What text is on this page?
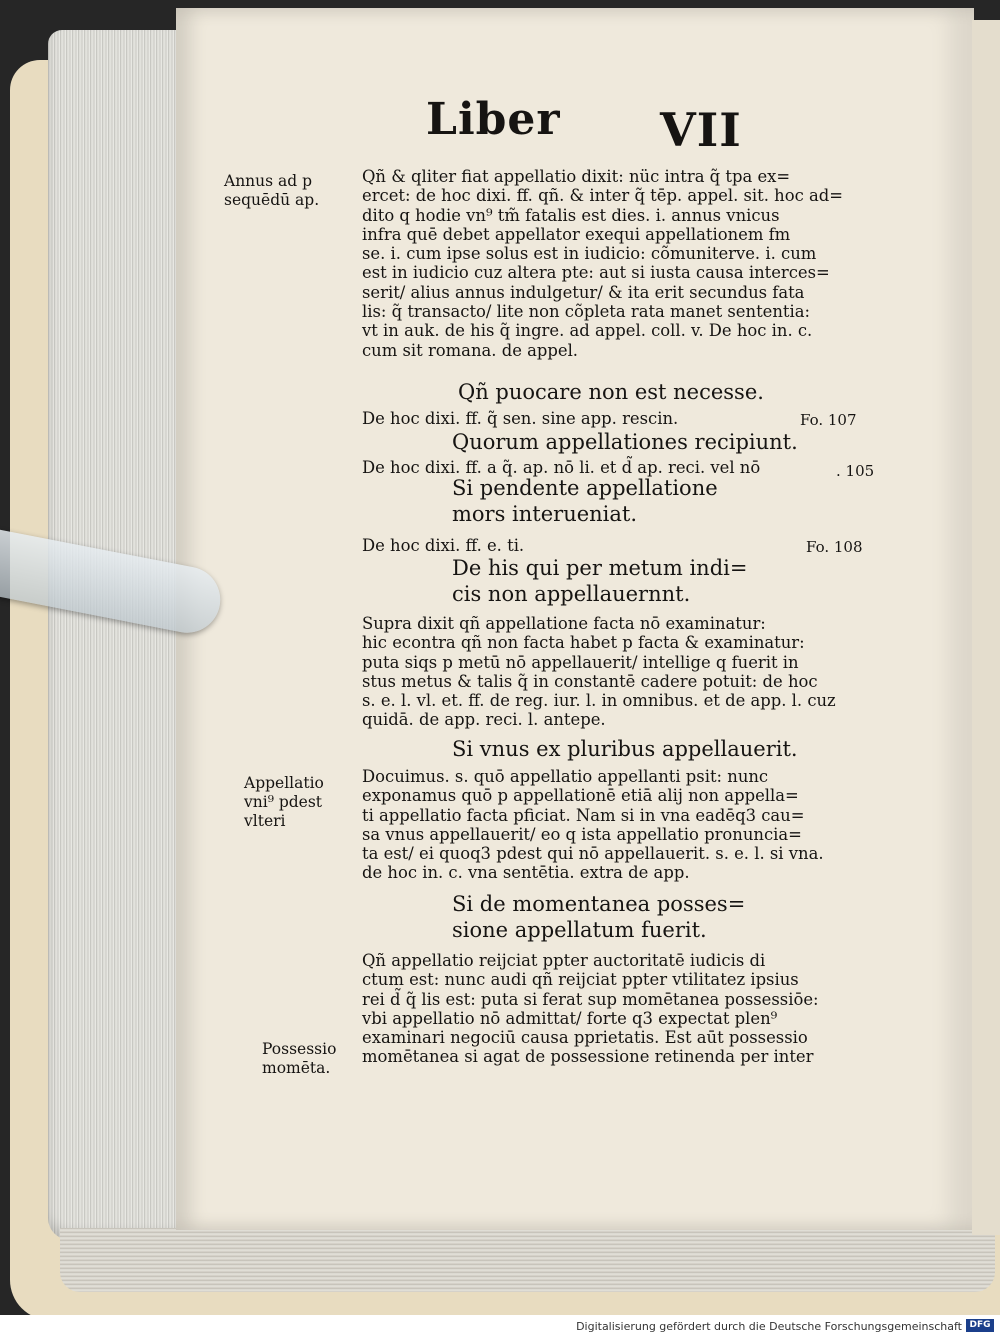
Liber VII
Annus ad p
sequēdū ap.
Qñ & qliter fiat appellatio dixit: nüc intra q̃ tpa ex=
ercet: de hoc dixi. ff. qñ. & inter q̃ tēp. appel. sit. hoc ad=
dito q hodie vn⁹ tm̃ fatalis est dies. i. annus vnicus
infra quē debet appellator exequi appellationem fm
se. i. cum ipse solus est in iudicio: cõmuniterve. i. cum
est in iudicio cuz altera pte: aut si iusta causa interces=
serit/ alius annus indulgetur/ & ita erit secundus fata
lis: q̃ transacto/ lite non cõpleta rata manet sententia:
vt in auk. de his q̃ ingre. ad appel. coll. v. De hoc in. c.
cum sit romana. de appel.
Qñ puocare non est necesse.
De hoc dixi. ff. q̃ sen. sine app. rescin.	Fo. 107
Quorum appellationes recipiunt.
De hoc dixi. ff. a q̃. ap. nō li. et d̃ ap. reci. vel nō	. 105
Si pendente appellatione
mors interueniat.
De hoc dixi. ff. e. ti.	Fo. 108
De his qui per metum indi=
cis non appellauernnt.
Supra dixit qñ appellatione facta nō examinatur:
hic econtra qñ non facta habet p facta & examinatur:
puta siqs p metū nō appellauerit/ intellige q fuerit in
stus metus & talis q̃ in constantē cadere potuit: de hoc
s. e. l. vl. et. ff. de reg. iur. l. in omnibus. et de app. l. cuz
quidā. de app. reci. l. antepe.
Si vnus ex pluribus appellauerit.
Appellatio
vni⁹ pdest
vlteri
Docuimus. s. quō appellatio appellanti psit: nunc
exponamus quō p appellationē etiā alij non appella=
ti appellatio facta pficiat. Nam si in vna eadēq3 cau=
sa vnus appellauerit/ eo q ista appellatio pronuncia=
ta est/ ei quoq3 pdest qui nō appellauerit. s. e. l. si vna.
de hoc in. c. vna sentētia. extra de app.
Si de momentanea posses=
sione appellatum fuerit.
Qñ appellatio reijciat ppter auctoritatē iudicis di
ctum est: nunc audi qñ reijciat ppter vtilitatez ipsius
rei d̃ q̃ lis est: puta si ferat sup momētanea possessiōe:
vbi appellatio nō admittat/ forte q3 expectat plen⁹
examinari negociū causa pprietatis. Est aūt possessio
momētanea si agat de possessione retinenda per inter
Possessio
momēta.
Digitalisierung gefördert durch die Deutsche Forschungsgemeinschaft DFG
